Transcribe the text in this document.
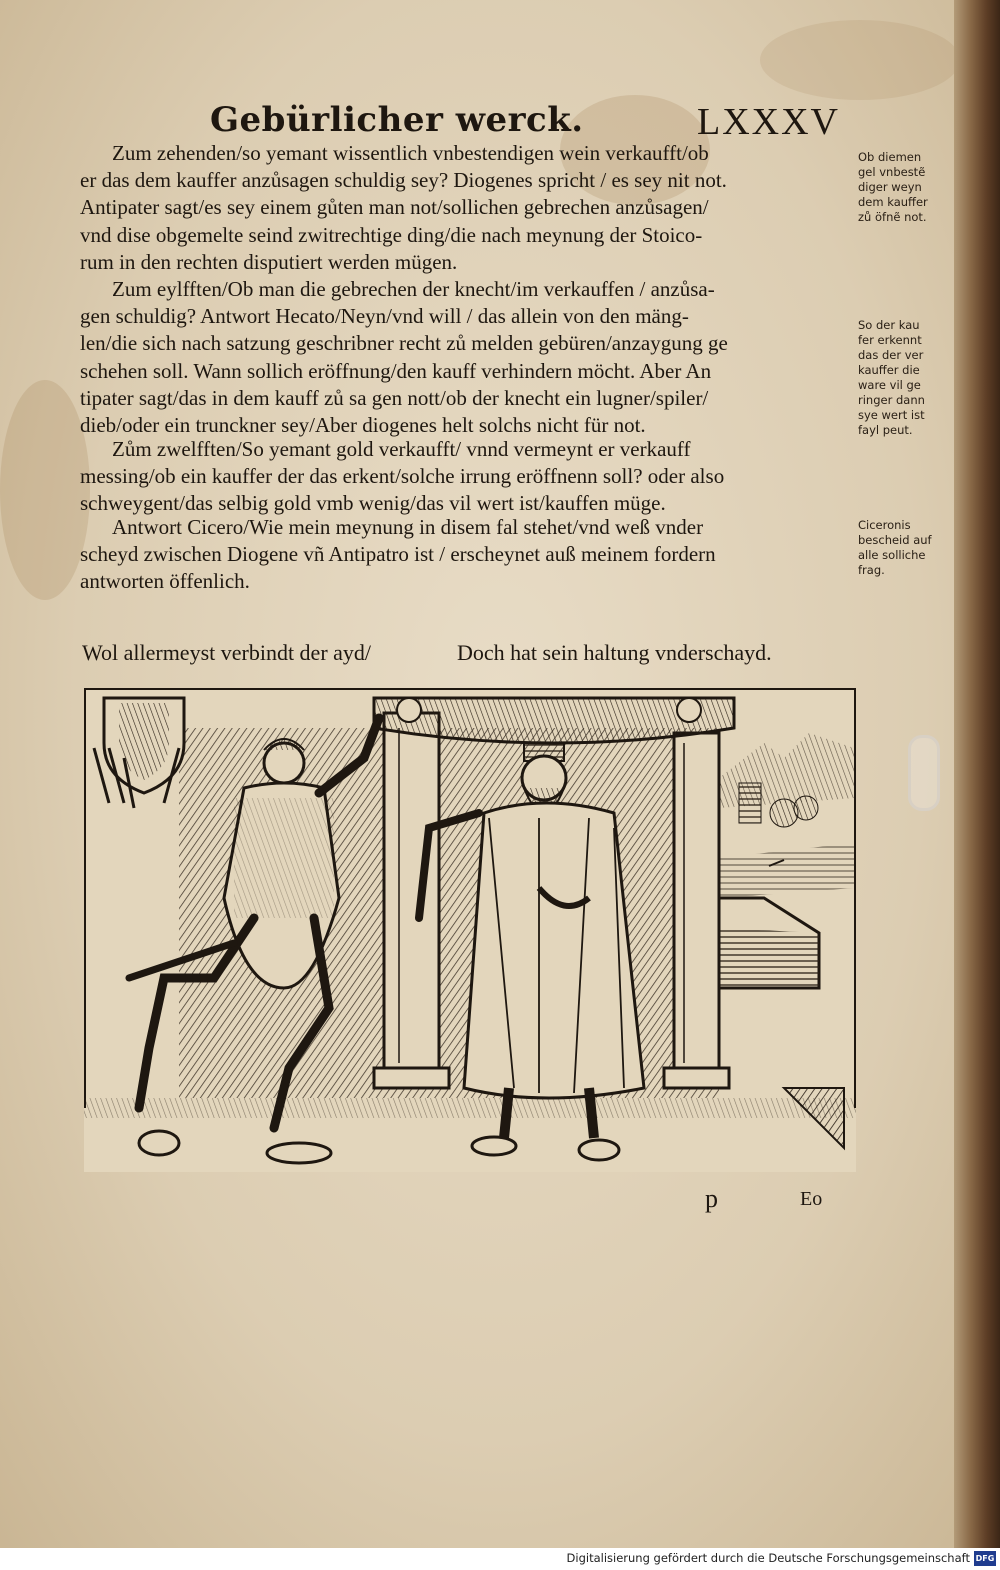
Gebürlicher werck.	LXXXV

Zum zehenden/so yemant wissentlich vnbestendigen wein verkaufft/ob
er das dem kauffer anzůsagen schuldig sey? Diogenes spricht / es sey nit not.
Antipater sagt/es sey einem gůten man not/sollichen gebrechen anzůsagen/
vnd dise obgemelte seind zwitrechtige ding/die nach meynung der Stoico-
rum in den rechten disputiert werden mügen.

Zum eylfften/Ob man die gebrechen der knecht/im verkauffen / anzůsa-
gen schuldig? Antwort Hecato/Neyn/vnd will / das allein von den mäng-
len/die sich nach satzung geschribner recht zů melden gebüren/anzaygung ge
schehen soll. Wann sollich eröffnung/den kauff verhindern möcht. Aber An
tipater sagt/das in dem kauff zů sa gen nott/ob der knecht ein lugner/spiler/
dieb/oder ein trunckner sey/Aber diogenes helt solchs nicht für not.

Zům zwelfften/So yemant gold verkaufft/ vnnd vermeynt er verkauff
messing/ob ein kauffer der das erkent/solche irrung eröffnenn soll? oder also
schweygent/das selbig gold vmb wenig/das vil wert ist/kauffen müge.

Antwort Cicero/Wie mein meynung in disem fal stehet/vnd weß vnder
scheyd zwischen Diogene vñ Antipatro ist / erscheynet auß meinem fordern
antworten öffenlich.

Ob diemen
gel vnbestẽ
diger weyn
dem kauffer
zů öfnẽ not.
So der kau
fer erkennt
das der ver
kauffer die
ware vil ge
ringer dann
sye wert ist
fayl peut.
Ciceronis
bescheid auf
alle solliche
frag.
Wol allermeyst verbindt der ayd/	Doch hat sein haltung vnderschayd.
p	Eo
Digitalisierung gefördert durch die Deutsche Forschungsgemeinschaft DFG
